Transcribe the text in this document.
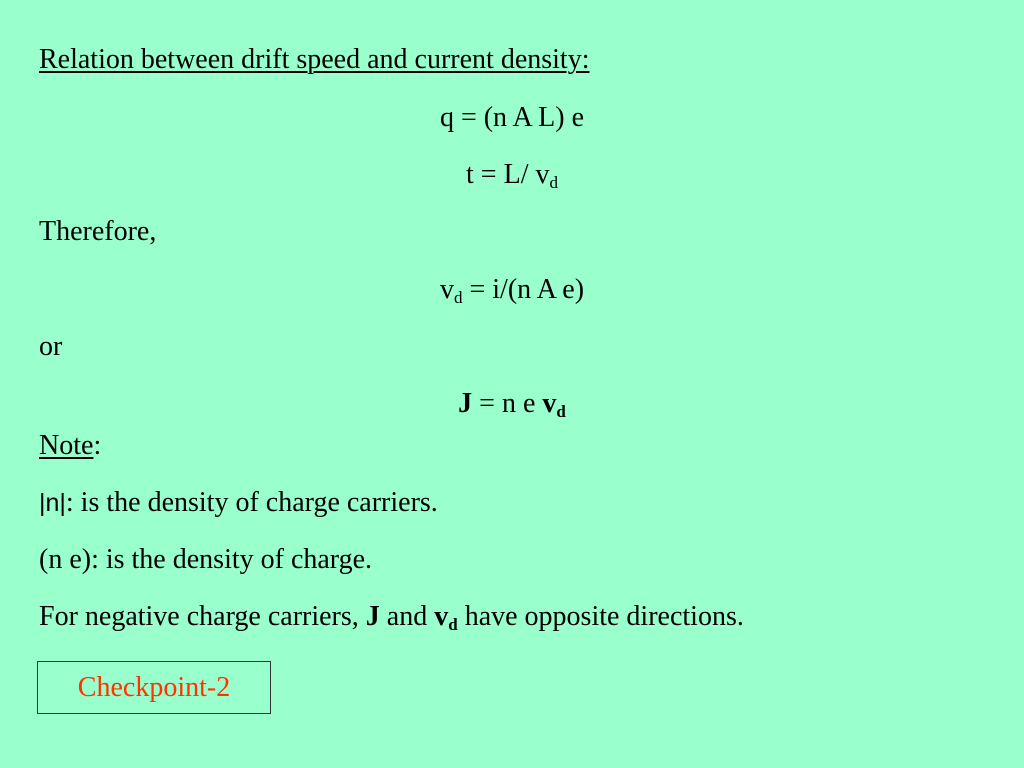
Relation between drift speed and current density:
q = (n A L) e
t = L/ $v_d$
Therefore,
$v_d = i/(n$ A e)
or
J = n e $v_d$
Note:
|n|: is the density of charge carriers.
(n e): is the density of charge.
For negative charge carriers, J and $v_d$ have opposite directions.
Checkpoint-2
